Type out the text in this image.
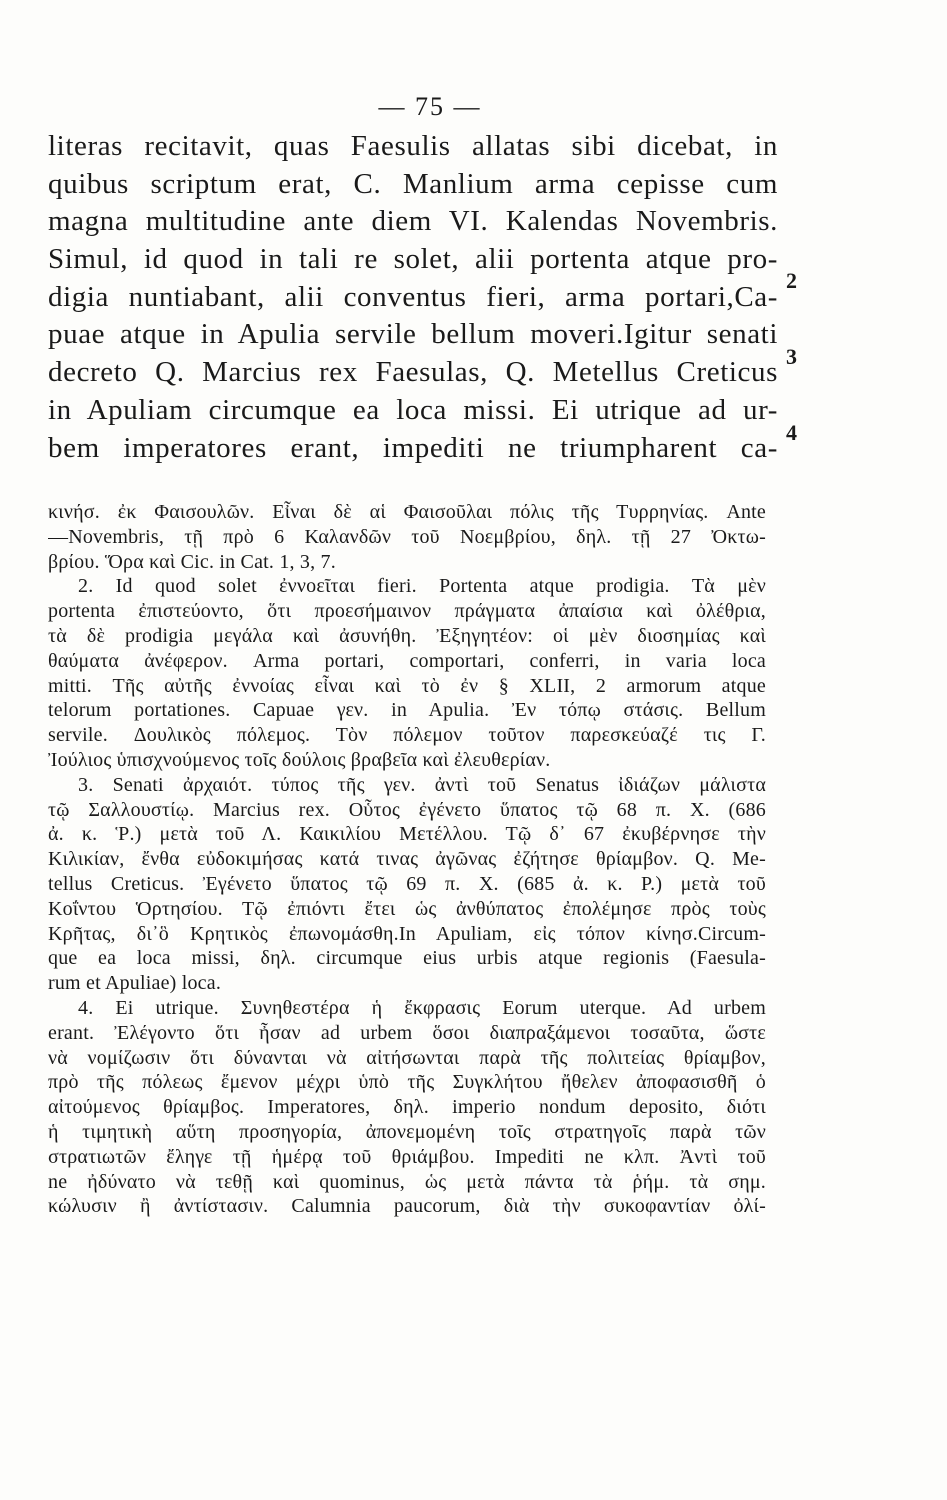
— 75 —
literas recitavit, quas Faesulis allatas sibi dicebat, in
quibus scriptum erat, C. Manlium arma cepisse cum
magna multitudine ante diem VI. Kalendas Novembris.
Simul, id quod in tali re solet, alii portenta atque pro-
digia nuntiabant, alii conventus fieri, arma portari,Ca-
puae atque in Apulia servile bellum moveri.Igitur senati
decreto Q. Marcius rex Faesulas, Q. Metellus Creticus
in Apuliam circumque ea loca missi. Ei utrique ad ur-
bem imperatores erant, impediti ne triumpharent ca-
2
3
4
κινήσ. ἐκ Φαισουλῶν. Εἶναι δὲ αἱ Φαισοῦλαι πόλις τῆς Τυρρηνίας. Ante
—Novembris, τῇ πρὸ 6 Καλανδῶν τοῦ Νοεμβρίου, δηλ. τῇ 27 Ὀκτω-
βρίου. Ὅρα καὶ Cic. in Cat. 1, 3, 7.
2. Id quod solet ἐννοεῖται fieri. Portenta atque prodigia. Τὰ μὲν
portenta ἐπιστεύοντο, ὅτι προεσήμαινον πράγματα ἀπαίσια καὶ ὀλέθρια,
τὰ δὲ prodigia μεγάλα καὶ ἀσυνήθη. Ἐξηγητέον: οἱ μὲν διοσημίας καὶ
θαύματα ἀνέφερον. Arma portari, comportari, conferri, in varia loca
mitti. Τῆς αὐτῆς ἐννοίας εἶναι καὶ τὸ ἐν § XLII, 2 armorum atque
telorum portationes. Capuae γεν. in Apulia. Ἐν τόπῳ στάσις. Bellum
servile. Δουλικὸς πόλεμος. Τὸν πόλεμον τοῦτον παρεσκεύαζέ τις Γ.
Ἰούλιος ὑπισχνούμενος τοῖς δούλοις βραβεῖα καὶ ἐλευθερίαν.
3. Senati ἀρχαιότ. τύπος τῆς γεν. ἀντὶ τοῦ Senatus ἰδιάζων μάλιστα
τῷ Σαλλουστίῳ. Marcius rex. Οὗτος ἐγένετο ὕπατος τῷ 68 π. Χ. (686
ἀ. κ. Ῥ.) μετὰ τοῦ Λ. Καικιλίου Μετέλλου. Τῷ δ᾽ 67 ἐκυβέρνησε τὴν
Κιλικίαν, ἔνθα εὐδοκιμήσας κατά τινας ἀγῶνας ἐζήτησε θρίαμβον. Q. Me-
tellus Creticus. Ἐγένετο ὕπατος τῷ 69 π. Χ. (685 ἀ. κ. Ρ.) μετὰ τοῦ
Κοΐντου Ὁρτησίου. Τῷ ἐπιόντι ἔτει ὡς ἀνθύπατος ἐπολέμησε πρὸς τοὺς
Κρῆτας, δι᾽ὃ Κρητικὸς ἐπωνομάσθη.In Apuliam, εἰς τόπον κίνησ.Circum-
que ea loca missi, δηλ. circumque eius urbis atque regionis (Faesula-
rum et Apuliae) loca.
4. Ei utrique. Συνηθεστέρα ἡ ἔκφρασις Eorum uterque. Ad urbem
erant. Ἐλέγοντο ὅτι ἦσαν ad urbem ὅσοι διαπραξάμενοι τοσαῦτα, ὥστε
νὰ νομίζωσιν ὅτι δύνανται νὰ αἰτήσωνται παρὰ τῆς πολιτείας θρίαμβον,
πρὸ τῆς πόλεως ἔμενον μέχρι ὑπὸ τῆς Συγκλήτου ἤθελεν ἀποφασισθῆ ὁ
αἰτούμενος θρίαμβος. Imperatores, δηλ. imperio nondum deposito, διότι
ἡ τιμητικὴ αὕτη προσηγορία, ἀπονεμομένη τοῖς στρατηγοῖς παρὰ τῶν
στρατιωτῶν ἔληγε τῇ ἡμέρᾳ τοῦ θριάμβου. Impediti ne κλπ. Ἀντὶ τοῦ
ne ἠδύνατο νὰ τεθῇ καὶ quominus, ὡς μετὰ πάντα τὰ ῥήμ. τὰ σημ.
κώλυσιν ἢ ἀντίστασιν. Calumnia paucorum, διὰ τὴν συκοφαντίαν ὀλί-
